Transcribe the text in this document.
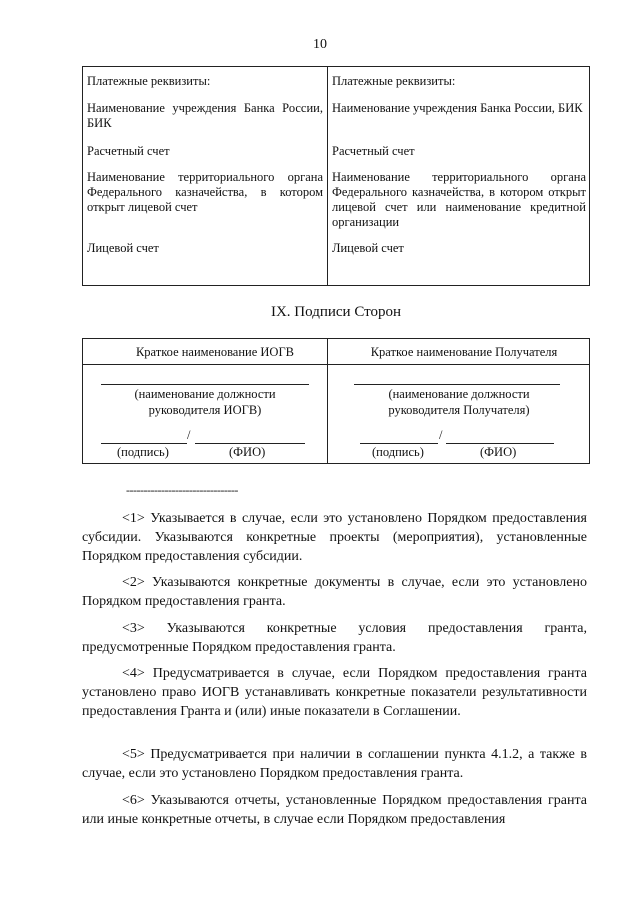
10
Платежные реквизиты:
Наименование учреждения Банка России, БИК
Расчетный счет
Наименование территориального органа Федерального казначейства, в котором открыт лицевой счет
Лицевой счет
Платежные реквизиты:
Наименование учреждения Банка России, БИК
Расчетный счет
Наименование территориального органа Федерального казначейства, в котором открыт лицевой счет или наименование кредитной организации
Лицевой счет
IX. Подписи Сторон
Краткое наименование ИОГВ
(наименование должности руководителя ИОГВ)
/
(подпись)	(ФИО)
Краткое наименование Получателя
(наименование должности руководителя Получателя)
/
(подпись)	(ФИО)
--------------------------------
<1> Указывается в случае, если это установлено Порядком предоставления субсидии. Указываются конкретные проекты (мероприятия), установленные Порядком предоставления субсидии.
<2> Указываются конкретные документы в случае, если это установлено Порядком предоставления гранта.
<3> Указываются конкретные условия предоставления гранта, предусмотренные Порядком предоставления гранта.
<4> Предусматривается в случае, если Порядком предоставления гранта установлено право ИОГВ устанавливать конкретные показатели результативности предоставления Гранта и (или) иные показатели в Соглашении.
<5> Предусматривается при наличии в соглашении пункта 4.1.2, а также в случае, если это установлено Порядком предоставления гранта.
<6> Указываются отчеты, установленные Порядком предоставления гранта или иные конкретные отчеты, в случае если Порядком предоставления
